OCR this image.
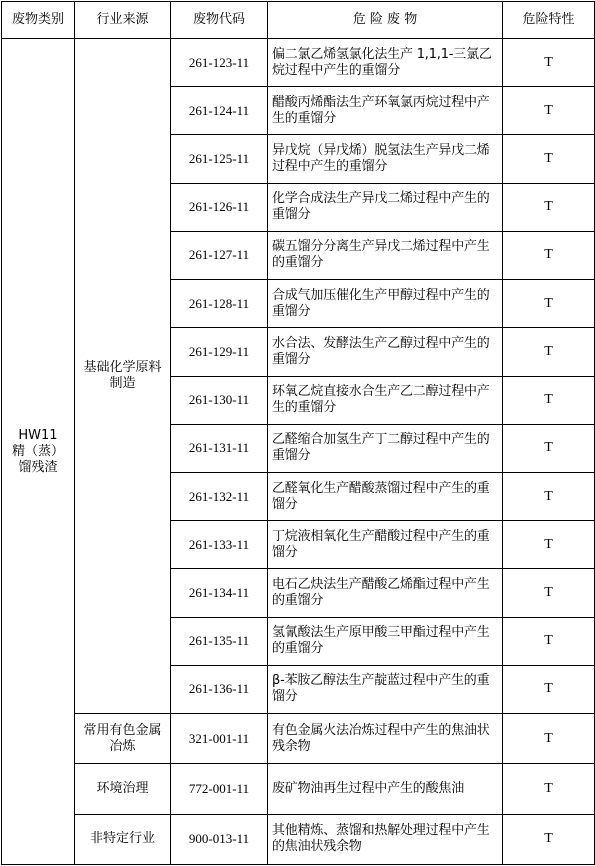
废物类别	行业来源	废物代码	危 险 废 物	危险特性

HW11
精（蒸）
馏残渣	基础化学原料制造	261-123-11	偏二氯乙烯氢氯化法生产 1,1,1-三氯乙烷过程中产生的重馏分	T
		261-124-11	醋酸丙烯酯法生产环氧氯丙烷过程中产生的重馏分	T
		261-125-11	异戊烷（异戊烯）脱氢法生产异戊二烯过程中产生的重馏分	T
		261-126-11	化学合成法生产异戊二烯过程中产生的重馏分	T
		261-127-11	碳五馏分分离生产异戊二烯过程中产生的重馏分	T
		261-128-11	合成气加压催化生产甲醇过程中产生的重馏分	T
		261-129-11	水合法、发酵法生产乙醇过程中产生的重馏分	T
		261-130-11	环氧乙烷直接水合生产乙二醇过程中产生的重馏分	T
		261-131-11	乙醛缩合加氢生产丁二醇过程中产生的重馏分	T
		261-132-11	乙醛氧化生产醋酸蒸馏过程中产生的重馏分	T
		261-133-11	丁烷液相氧化生产醋酸过程中产生的重馏分	T
		261-134-11	电石乙炔法生产醋酸乙烯酯过程中产生的重馏分	T
		261-135-11	氢氰酸法生产原甲酸三甲酯过程中产生的重馏分	T
		261-136-11	β-苯胺乙醇法生产靛蓝过程中产生的重馏分	T
	常用有色金属冶炼	321-001-11	有色金属火法冶炼过程中产生的焦油状残余物	T
	环境治理	772-001-11	废矿物油再生过程中产生的酸焦油	T
	非特定行业	900-013-11	其他精炼、蒸馏和热解处理过程中产生的焦油状残余物	T
